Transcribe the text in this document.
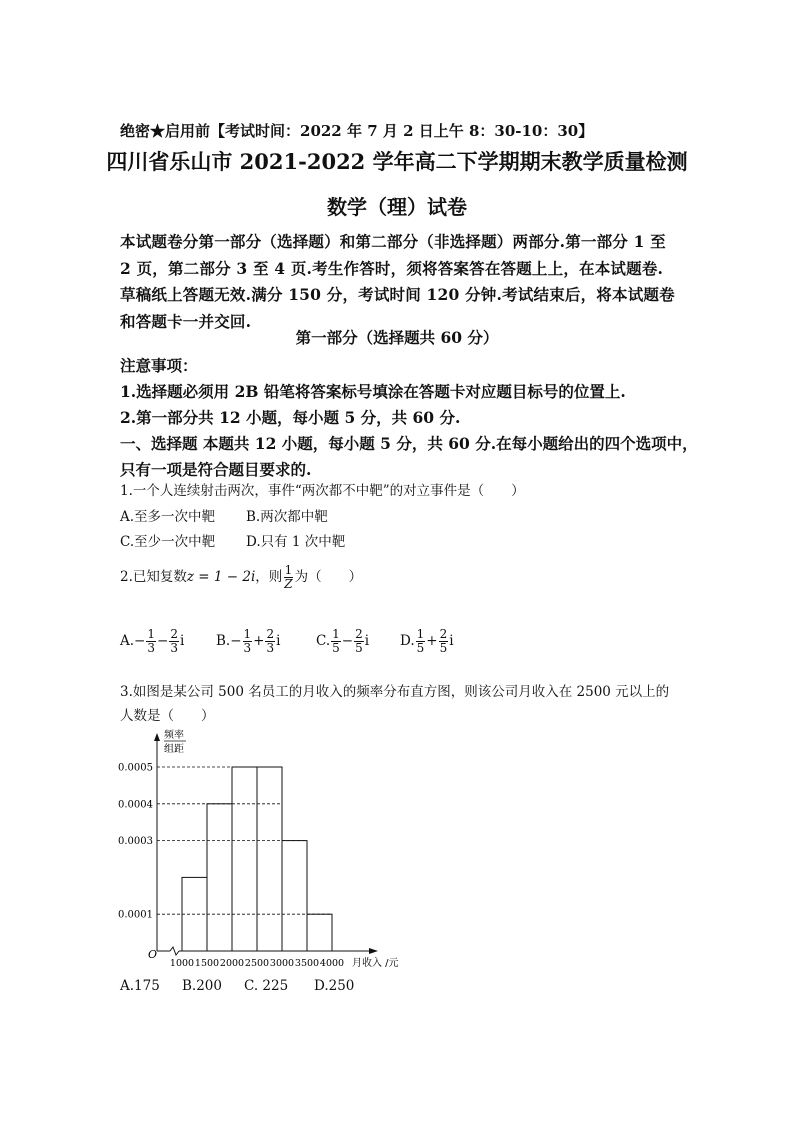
绝密★启用前【考试时间：2022 年 7 月 2 日上午 8：30-10：30】
四川省乐山市 2021-2022 学年高二下学期期末教学质量检测
数学（理）试卷
本试题卷分第一部分（选择题）和第二部分（非选择题）两部分.第一部分 1 至 2 页，第二部分 3 至 4 页.考生作答时，须将答案答在答题上上，在本试题卷.草稿纸上答题无效.满分 150 分，考试时间 120 分钟.考试结束后，将本试题卷和答题卡一并交回.
第一部分（选择题共 60 分）
注意事项：
1.选择题必须用 2B 铅笔将答案标号填涂在答题卡对应题目标号的位置上.
2.第一部分共 12 小题，每小题 5 分，共 60 分.
一、选择题 本题共 12 小题，每小题 5 分，共 60 分.在每小题给出的四个选项中，
只有一项是符合题目要求的.
1.一个人连续射击两次，事件“两次都不中靶”的对立事件是（　　）
A.至多一次中靶 B.两次都中靶
C.至少一次中靶 D.只有 1 次中靶
2.已知复数z = 1 − 2i，则 $\frac{1}{Z}$ 为（　　）
$A.- \frac{1}{3} - \frac{2}{3}$ i $B.- \frac{1}{3} + \frac{2}{3}$ i	C. $\frac{1}{5} - \frac{2}{5}$ i D. $\frac{1}{5} + \frac{2}{5}$ i
3.如图是某公司 500 名员工的月收入的频率分布直方图，则该公司月收入在 2500 元以上的
人数是（　　）
O
频率
组距
0.0001
0.0003
0.0004
0.0005
1000 1500 2000 2500 3000 3500 4000 月收入 /元
A.175 B.200 C. 225 D.250
